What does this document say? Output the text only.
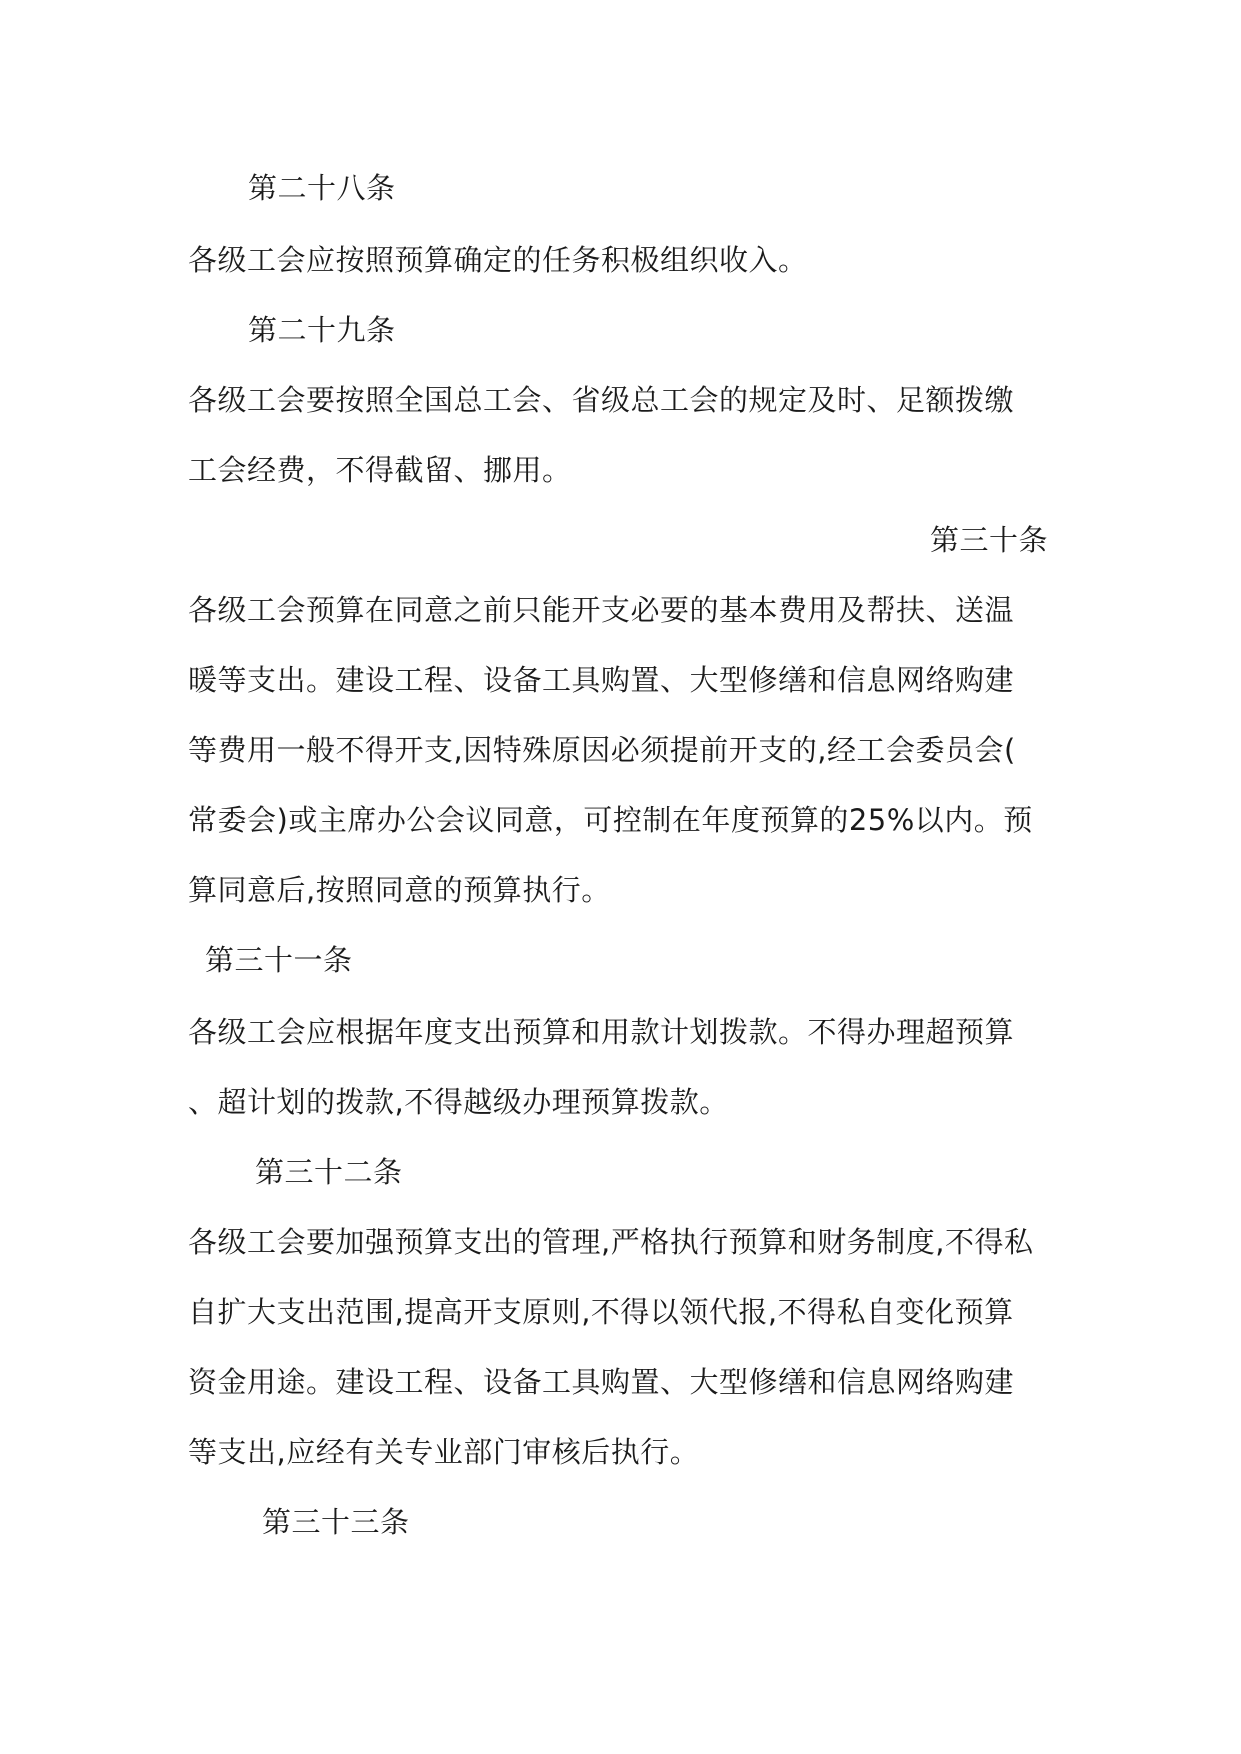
第二十八条
各级工会应按照预算确定的任务积极组织收入。
第二十九条
各级工会要按照全国总工会、省级总工会的规定及时、足额拨缴
工会经费，不得截留、挪用。
第三十条
各级工会预算在同意之前只能开支必要的基本费用及帮扶、送温
暖等支出。建设工程、设备工具购置、大型修缮和信息网络购建
等费用一般不得开支,因特殊原因必须提前开支的,经工会委员会(
常委会)或主席办公会议同意，可控制在年度预算的25%以内。预
算同意后,按照同意的预算执行。
第三十一条
各级工会应根据年度支出预算和用款计划拨款。不得办理超预算
、超计划的拨款,不得越级办理预算拨款。
第三十二条
各级工会要加强预算支出的管理,严格执行预算和财务制度,不得私
自扩大支出范围,提高开支原则,不得以领代报,不得私自变化预算
资金用途。建设工程、设备工具购置、大型修缮和信息网络购建
等支出,应经有关专业部门审核后执行。
第三十三条
